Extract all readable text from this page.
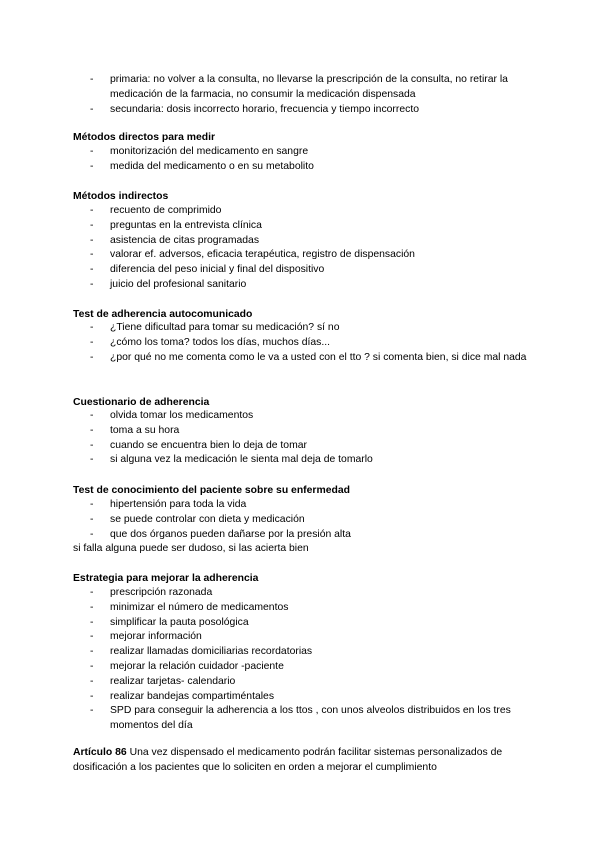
- primaria: no volver a la consulta, no llevarse la prescripción de la consulta, no retirar la medicación de la farmacia, no consumir la medicación dispensada
- secundaria: dosis incorrecto horario, frecuencia y tiempo incorrecto
Métodos directos para medir
- monitorización del medicamento en sangre
- medida del medicamento o en su metabolito
Métodos indirectos
- recuento de comprimido
- preguntas en la entrevista clínica
- asistencia de citas programadas
- valorar ef. adversos, eficacia terapéutica, registro de dispensación
- diferencia del peso inicial y final del dispositivo
- juicio del profesional sanitario
Test de adherencia autocomunicado
- ¿Tiene dificultad para tomar su medicación? sí no
- ¿cómo los toma? todos los días, muchos días...
- ¿por qué no me comenta como le va a usted con el tto ? si comenta bien, si dice mal nada
Cuestionario de adherencia
- olvida tomar los medicamentos
- toma a su hora
- cuando se encuentra bien lo deja de tomar
- si alguna vez la medicación le sienta mal deja de tomarlo
Test de conocimiento del paciente sobre su enfermedad
- hipertensión para toda la vida
- se puede controlar con dieta y medicación
- que dos órganos pueden dañarse por la presión alta
si falla alguna puede ser dudoso, si las acierta bien
Estrategia para mejorar la adherencia
- prescripción razonada
- minimizar el número de medicamentos
- simplificar la pauta posológica
- mejorar información
- realizar llamadas domiciliarias recordatorias
- mejorar la relación cuidador -paciente
- realizar tarjetas- calendario
- realizar bandejas compartiméntales
- SPD para conseguir la adherencia a los ttos , con unos alveolos distribuidos en los tres momentos del día
Artículo 86 Una vez dispensado el medicamento podrán facilitar sistemas personalizados de dosificación a los pacientes que lo soliciten en orden a mejorar el cumplimiento
